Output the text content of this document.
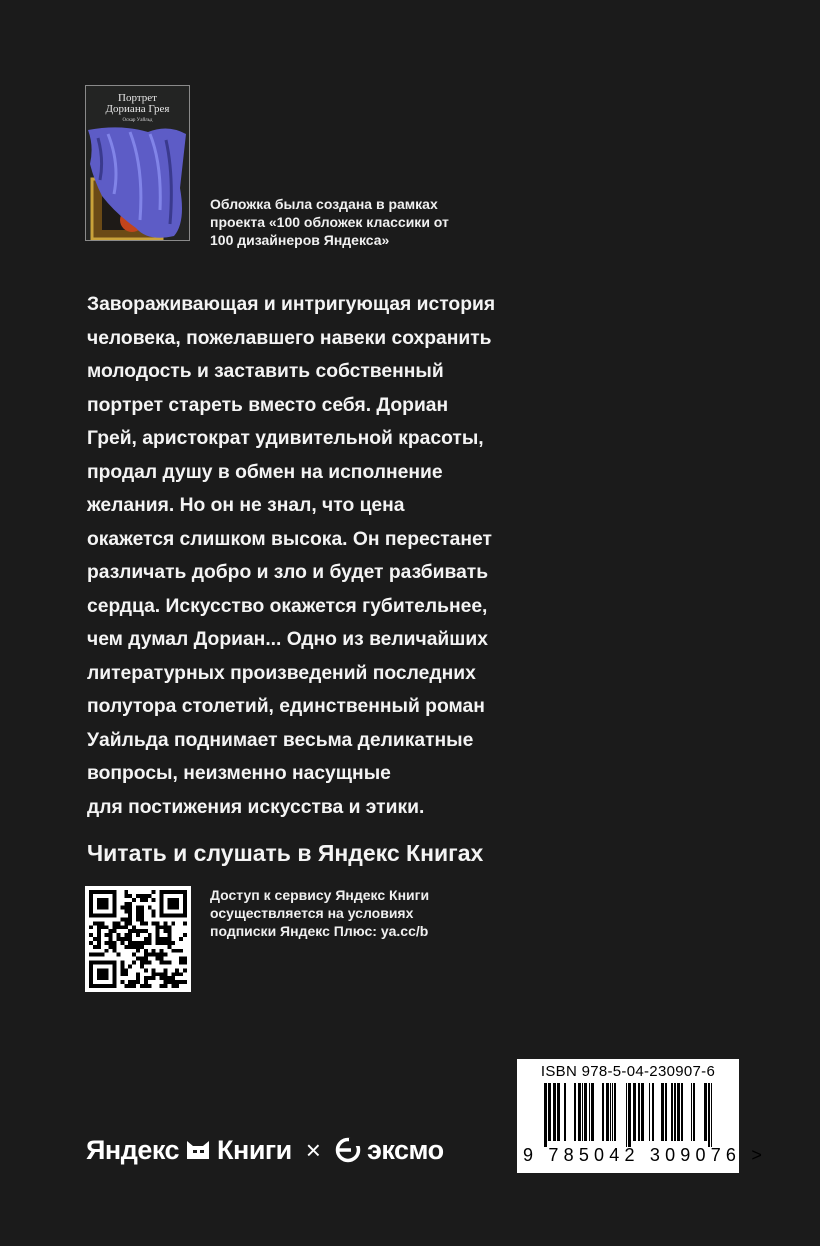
Портрет
Дориана Грея
Оскар Уайльд
Обложка была создана в рамках проекта «100 обложек классики от 100 дизайнеров Яндекса»
Завораживающая и интригующая история
человека, пожелавшего навеки сохранить
молодость и заставить собственный
портрет стареть вместо себя. Дориан
Грей, аристократ удивительной красоты,
продал душу в обмен на исполнение
желания. Но он не знал, что цена
окажется слишком высока. Он перестанет
различать добро и зло и будет разбивать
сердца. Искусство окажется губительнее,
чем думал Дориан... Одно из величайших
литературных произведений последних
полутора столетий, единственный роман
Уайльда поднимает весьма деликатные
вопросы, неизменно насущные
для постижения искусства и этики.
Читать и слушать в Яндекс Книгах
Доступ к сервису Яндекс Книги осуществляется на условиях подписки Яндекс Плюс: ya.cc/b
Яндекс Книги × эксмо
ISBN 978-5-04-230907-6
9 785042 309076 >
